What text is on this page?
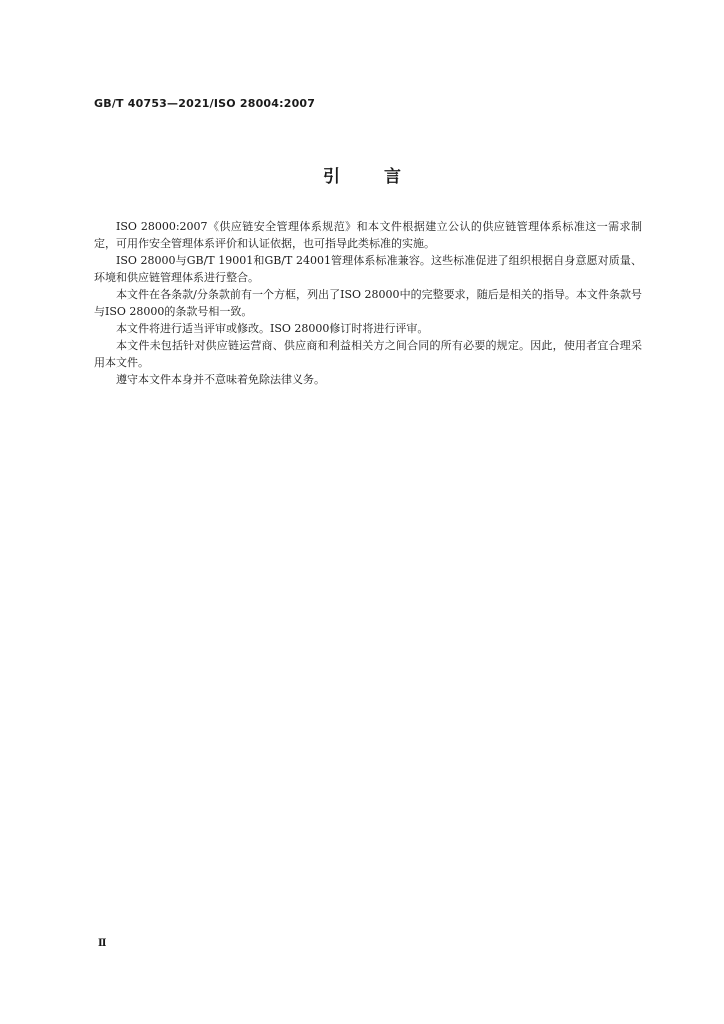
GB/T 40753—2021/ISO 28004:2007
引言

ISO 28000:2007《供应链安全管理体系规范》和本文件根据建立公认的供应链管理体系标准这一需求制定，可用作安全管理体系评价和认证依据，也可指导此类标准的实施。

ISO 28000与GB/T 19001和GB/T 24001管理体系标准兼容。这些标准促进了组织根据自身意愿对质量、环境和供应链管理体系进行整合。

本文件在各条款/分条款前有一个方框，列出了ISO 28000中的完整要求，随后是相关的指导。本文件条款号与ISO 28000的条款号相一致。

本文件将进行适当评审或修改。ISO 28000修订时将进行评审。

本文件未包括针对供应链运营商、供应商和利益相关方之间合同的所有必要的规定。因此，使用者宜合理采用本文件。

遵守本文件本身并不意味着免除法律义务。

Ⅱ
